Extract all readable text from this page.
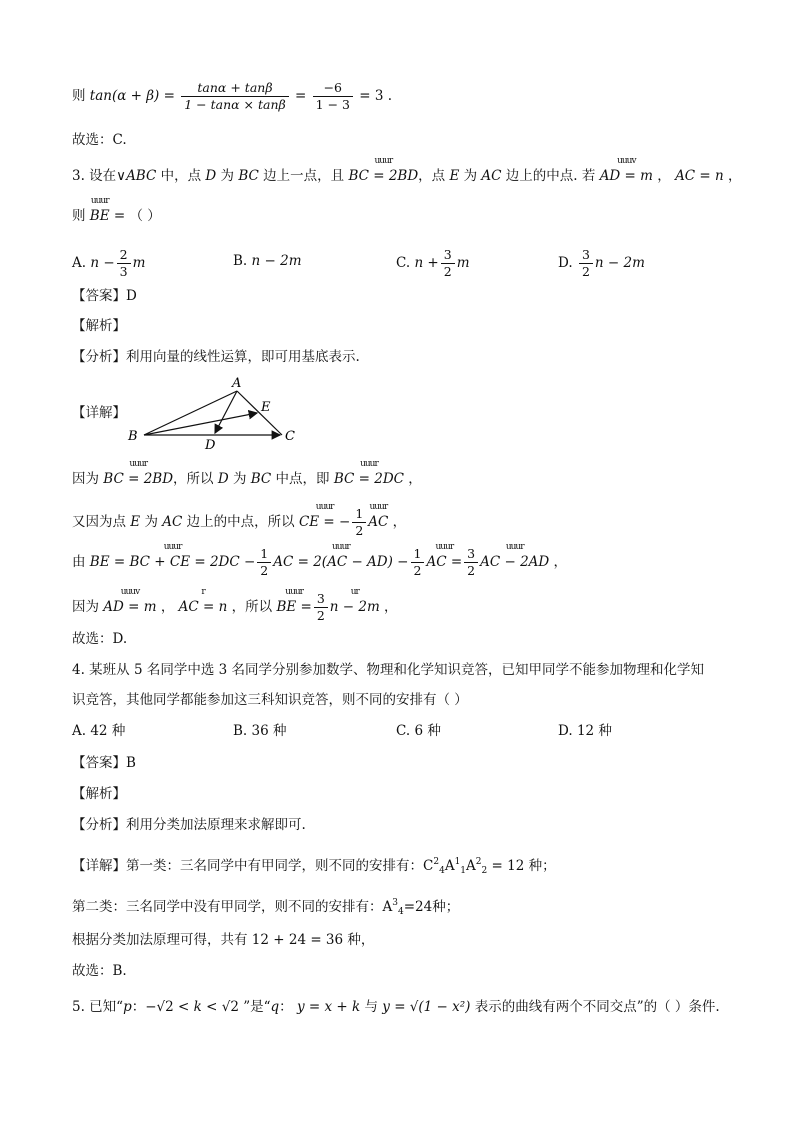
则 $\tan(\alpha + \beta) = \frac{\tan\alpha + \tan\beta}{1 - \tan\alpha \times \tan\beta} = \frac{-6}{1 - 3} = 3$ .
故选：C.
3. 设在∨ABC 中，点 D 为 BC 边上一点，且
uuur
BC = 2BD，点 E 为 AC 边上的中点. 若
uuuv
AD = m ， AC = n ，
则
uuur
BE = （ ）
A. $n - \frac{2}{3}$ m	B. n − 2m	C. $n + \frac{3}{2}$ m	D. $\frac{3}{2}$ n − 2m
【答案】D
【解析】
【分析】利用向量的线性运算，即可用基底表示.
【详解】
A
B	C
D
E
因为
uuur
BC = 2BD，所以 D 为 BC 中点，即
uuur
BC = 2DC ，
又因为点 E 为 AC 边上的中点，所以
uuur
CE = − $\frac{1}{2}$ uuur
AC ，
由
uuur
BE = BC + CE = $2DC - \frac{1}{2}$	uuur
AC = $2(AC - AD) - \frac{1}{2}$	uuur
AC = $\frac{3}{2}$	uuur
AC − 2AD ，
因为
uuuv
AD = m ，
r
AC = n ，所以
uuur
BE = $\frac{3}{2}$	ur
n − 2m ，
故选：D.
4. 某班从 5 名同学中选 3 名同学分别参加数学、物理和化学知识竞答，已知甲同学不能参加物理和化学知
识竞答，其他同学都能参加这三科知识竞答，则不同的安排有（ ）
A. 42 种	B. 36 种	C. 6 种	D. 12 种
【答案】B
【解析】
【分析】利用分类加法原理来求解即可.
【详解】第一类：三名同学中有甲同学，则不同的安排有：$C^2_4A^1_1A^2_2 = 12$ 种；
第二类：三名同学中没有甲同学，则不同的安排有：$A^3_4=24$种；
根据分类加法原理可得，共有 12 + 24 = 36 种，
故选：B.
5. 已知“p：−√2 < k < √2 ”是“q： y = x + k 与 y = √(1 − x²) 表示的曲线有两个不同交点”的（ ）条件.
